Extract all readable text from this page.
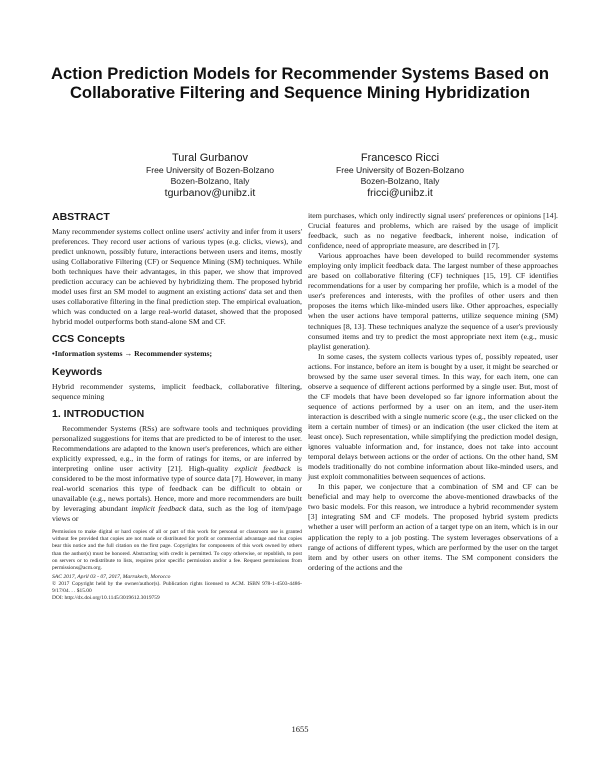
Action Prediction Models for Recommender Systems Based on Collaborative Filtering and Sequence Mining Hybridization
Tural Gurbanov
Free University of Bozen-Bolzano
Bozen-Bolzano, Italy
tgurbanov@unibz.it
Francesco Ricci
Free University of Bozen-Bolzano
Bozen-Bolzano, Italy
fricci@unibz.it
ABSTRACT

Many recommender systems collect online users' activity and infer from it users' preferences. They record user actions of various types (e.g. clicks, views), and predict unknown, possibly future, interactions between users and items, mostly using Collaborative Filtering (CF) or Sequence Mining (SM) techniques. While both techniques have their advantages, in this paper, we show that improved prediction accuracy can be achieved by hybridizing them. The proposed hybrid model uses first an SM model to augment an existing actions' data set and then uses collaborative filtering in the final prediction step. The empirical evaluation, which was conducted on a large real-world dataset, showed that the proposed hybrid model outperforms both stand-alone SM and CF.

CCS Concepts

•Information systems → Recommender systems;

Keywords

Hybrid recommender systems, implicit feedback, collaborative filtering, sequence mining

1. INTRODUCTION

Recommender Systems (RSs) are software tools and techniques providing personalized suggestions for items that are predicted to be of interest to the user. Recommendations are adapted to the known user's preferences, which are either explicitly expressed, e.g., in the form of ratings for items, or are inferred by interpreting online user activity [21]. High-quality explicit feedback is considered to be the most informative type of source data [7]. However, in many real-world scenarios this type of feedback can be difficult to obtain or unavailable (e.g., news portals). Hence, more and more recommenders are built by leveraging abundant implicit feedback data, such as the log of item/page views or

Permission to make digital or hard copies of all or part of this work for personal or classroom use is granted without fee provided that copies are not made or distributed for profit or commercial advantage and that copies bear this notice and the full citation on the first page. Copyrights for components of this work owned by others than the author(s) must be honored. Abstracting with credit is permitted. To copy otherwise, or republish, to post on servers or to redistribute to lists, requires prior specific permission and/or a fee. Request permissions from permissions@acm.org.

SAC 2017, April 03 - 07, 2017, Marrakech, Morocco

© 2017 Copyright held by the owner/author(s). Publication rights licensed to ACM. ISBN 978-1-4503-4486-9/17/04. . . $15.00

DOI: http://dx.doi.org/10.1145/3019612.3019759

item purchases, which only indirectly signal users' preferences or opinions [14]. Crucial features and problems, which are raised by the usage of implicit feedback, such as no negative feedback, inherent noise, indication of confidence, need of appropriate measure, are described in [7].

Various approaches have been developed to build recommender systems employing only implicit feedback data. The largest number of these approaches are based on collaborative filtering (CF) techniques [15, 19]. CF identifies recommendations for a user by comparing her profile, which is a model of the user's preferences and interests, with the profiles of other users and then proposes the items which like-minded users like. Other approaches, especially when the user actions have temporal patterns, utilize sequence mining (SM) techniques [8, 13]. These techniques analyze the sequence of a user's previously consumed items and try to predict the most appropriate next item (e.g., music playlist generation).

In some cases, the system collects various types of, possibly repeated, user actions. For instance, before an item is bought by a user, it might be searched or browsed by the same user several times. In this way, for each item, one can observe a sequence of different actions performed by a single user. But, most of the CF models that have been developed so far ignore information about the sequence of actions performed by a user on an item, and the user-item interaction is described with a single numeric score (e.g., the user clicked on the item a certain number of times) or an indication (the user clicked the item at least once). Such representation, while simplifying the prediction model design, ignores valuable information and, for instance, does not take into account temporal delays between actions or the order of actions. On the other hand, SM models traditionally do not combine information about like-minded users, and just exploit commonalities between sequences of actions.

In this paper, we conjecture that a combination of SM and CF can be beneficial and may help to overcome the above-mentioned drawbacks of the two basic models. For this reason, we introduce a hybrid recommender system [3] integrating SM and CF models. The proposed hybrid system predicts whether a user will perform an action of a target type on an item, which is in our application the reply to a job posting. The system leverages observations of a range of actions of different types, which are performed by the user on the target item and by other users on other items. The SM component considers the ordering of the actions and the

1655
